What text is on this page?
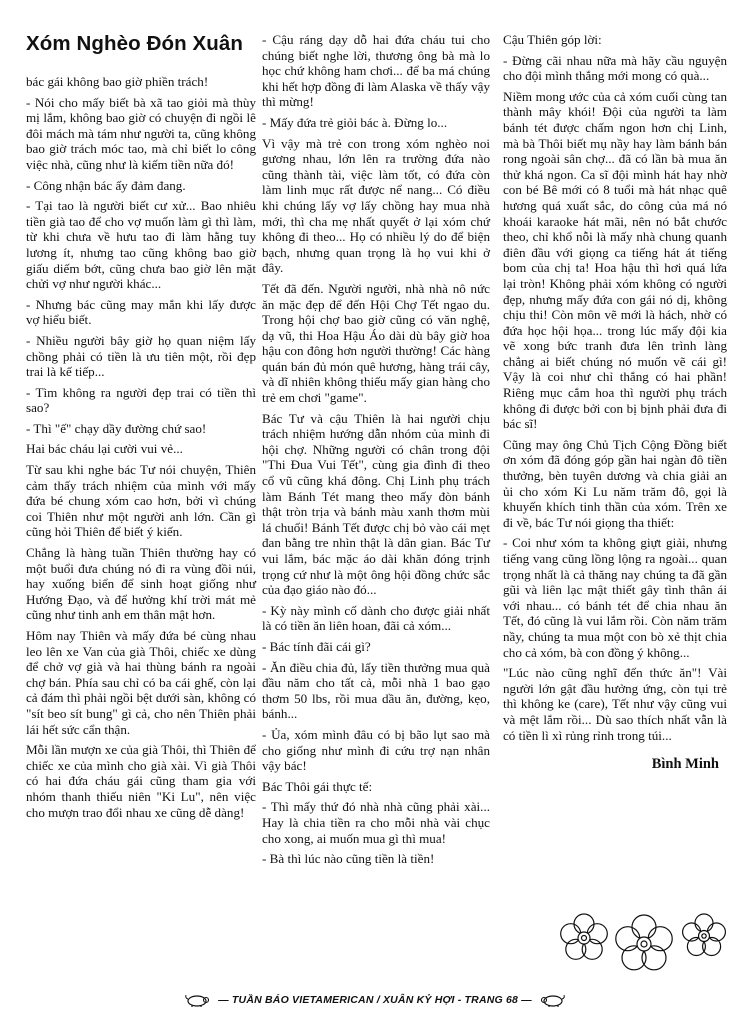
Xóm Nghèo Đón Xuân

bác gái không bao giờ phiền trách!

- Nói cho mấy biết bà xã tao giỏi mà thùy mị lắm, không bao giờ có chuyện đi ngồi lê đôi mách mà tám như người ta, cũng không bao giờ trách móc tao, mà chỉ biết lo công việc nhà, cũng như là kiếm tiền nữa đó!

- Công nhận bác ấy đảm đang.

- Tại tao là người biết cư xử... Bao nhiêu tiền già tao để cho vợ muốn làm gì thì làm, từ khi chưa về hưu tao đi làm hằng tuy lương ít, nhưng tao cũng không bao giờ giấu diếm bớt, cũng chưa bao giờ lên mặt chửi vợ như người khác...

- Nhưng bác cũng may mắn khi lấy được vợ hiểu biết.

- Nhiều người bây giờ họ quan niệm lấy chồng phải có tiền là ưu tiên một, rồi đẹp trai là kế tiếp...

- Tìm không ra người đẹp trai có tiền thì sao?

- Thì "ế" chạy dầy đường chứ sao!

Hai bác cháu lại cười vui vẻ...

Từ sau khi nghe bác Tư nói chuyện, Thiên cảm thấy trách nhiệm của mình với mấy đứa bé chung xóm cao hơn, bởi vì chúng coi Thiên như một người anh lớn. Cần gì cũng hỏi Thiên để biết ý kiến.

Chẳng là hàng tuần Thiên thường hay có một buổi đưa chúng nó đi ra vùng đồi núi, hay xuống biển để sinh hoạt giống như Hướng Đạo, và để hưởng khí trời mát mẻ cũng như tinh anh em thân mật hơn.

Hôm nay Thiên và mấy đứa bé cùng nhau leo lên xe Van của già Thôi, chiếc xe dùng để chở vợ già và hai thùng bánh ra ngoài chợ bán. Phía sau chỉ có ba cái ghế, còn lại cả đám thì phải ngồi bệt dưới sàn, không có "sít beo sít bung" gì cả, cho nên Thiên phải lái hết sức cẩn thận.

Mỗi lần mượn xe của già Thôi, thì Thiên để chiếc xe của mình cho già xài. Vì già Thôi có hai đứa cháu gái cũng tham gia với nhóm thanh thiếu niên "Ki Lu", nên việc cho mượn trao đổi nhau xe cũng dễ dàng!

- Cậu ráng dạy dỗ hai đứa cháu tui cho chúng biết nghe lời, thương ông bà mà lo học chứ không ham chơi... để ba má chúng khi hết hợp đồng đi làm Alaska về thấy vậy thì mừng!

- Mấy đứa trẻ giỏi bác à. Đừng lo...

Vì vậy mà trẻ con trong xóm nghèo noi gương nhau, lớn lên ra trường đứa nào cũng thành tài, việc làm tốt, có đứa còn làm linh mục rất được nể nang... Có điều khi chúng lấy vợ lấy chồng hay mua nhà mới, thì cha mẹ nhất quyết ở lại xóm chứ không đi theo... Họ có nhiều lý do để biện bạch, nhưng quan trọng là họ vui khi ở đây.

Tết đã đến. Người người, nhà nhà nô nức ăn mặc đẹp để đến Hội Chợ Tết ngao du. Trong hội chợ bao giờ cũng có văn nghệ, dạ vũ, thi Hoa Hậu Áo dài dù bây giờ hoa hậu con đông hơn người thường! Các hàng quán bán đủ món quê hương, hàng trái cây, và dĩ nhiên không thiếu mấy gian hàng cho trẻ em chơi "game".

Bác Tư và cậu Thiên là hai người chịu trách nhiệm hướng dẫn nhóm của mình đi hội chợ. Những người có chân trong đội "Thi Đua Vui Tết", cùng gia đình đi theo cổ vũ cũng khá đông. Chị Linh phụ trách làm Bánh Tét mang theo mấy đòn bánh thật tròn trịa và bánh màu xanh thơm mùi lá chuối! Bánh Tết được chị bỏ vào cái mẹt đan bằng tre nhìn thật là dân gian. Bác Tư vui lắm, bác mặc áo dài khăn đóng trịnh trọng cứ như là một ông hội đồng chức sắc của đạo giáo nào đó...

- Kỳ này mình cố dành cho được giải nhất là có tiền ăn liên hoan, đãi cả xóm...

- Bác tính đãi cái gì?

- Ăn điều chia đủ, lấy tiền thưởng mua quà đầu năm cho tất cả, mỗi nhà 1 bao gạo thơm 50 lbs, rồi mua dầu ăn, đường, kẹo, bánh...

- Ủa, xóm mình đâu có bị bão lụt sao mà cho giống như mình đi cứu trợ nạn nhân vậy bác!

Bác Thôi gái thực tế:

- Thì mấy thứ đó nhà nhà cũng phải xài... Hay là chia tiền ra cho mỗi nhà vài chục cho xong, ai muốn mua gì thì mua!

- Bà thì lúc nào cũng tiền là tiền!

Cậu Thiên góp lời:

- Đừng cãi nhau nữa mà hãy cầu nguyện cho đội mình thắng mới mong có quà...

Niềm mong ước của cả xóm cuối cùng tan thành mây khói! Đội của người ta làm bánh tét được chấm ngon hơn chị Linh, mà bà Thôi biết mụ nầy hay làm bánh bán rong ngoài sân chợ... đã có lần bà mua ăn thử khá ngon. Ca sĩ đội mình hát hay nhờ con bé Bê mới có 8 tuổi mà hát nhạc quê hương quá xuất sắc, do công của má nó khoái karaoke hát mãi, nên nó bắt chước theo, chỉ khổ nỗi là mấy nhà chung quanh điên đầu với giọng ca tiếng hát át tiếng bom của chị ta! Hoa hậu thì hơi quá lứa lại tròn! Không phải xóm không có người đẹp, nhưng mấy đứa con gái nó dị, không chịu thi! Còn môn vẽ mới là hách, nhờ có đứa học hội họa... trong lúc mấy đội kia vẽ xong bức tranh đưa lên trình làng chẳng ai biết chúng nó muốn vẽ cái gì! Vậy là coi như chỉ thắng có hai phần! Riêng mục cắm hoa thì người phụ trách không đi được bởi con bị bịnh phải đưa đi bác sĩ!

Cũng may ông Chủ Tịch Cộng Đồng biết ơn xóm đã đóng góp gần hai ngàn đô tiền thưởng, bèn tuyên dương và chia giải an ủi cho xóm Ki Lu năm trăm đô, gọi là khuyến khích tinh thần của xóm. Trên xe đi về, bác Tư nói giọng tha thiết:

- Coi như xóm ta không giựt giải, nhưng tiếng vang cũng lồng lộng ra ngoài... quan trọng nhất là cả thăng nay chúng ta đã gần gũi và liên lạc mật thiết gây tình thân ái với nhau... có bánh tét để chia nhau ăn Tết, đó cũng là vui lắm rồi. Còn năm trăm nầy, chúng ta mua một con bò xẻ thịt chia cho cả xóm, bà con đồng ý không...

"Lúc nào cũng nghĩ đến thức ăn"! Vài người lớn gật đầu hưởng ứng, còn tụi trẻ thì không ke (care), Tết như vậy cũng vui và mệt lắm rồi... Dù sao thích nhất vẫn là có tiền lì xì rủng rỉnh trong túi...

Bình Minh
— TUẦN BÁO VIETAMERICAN / XUÂN KỶ HỢI - TRANG 68 —
